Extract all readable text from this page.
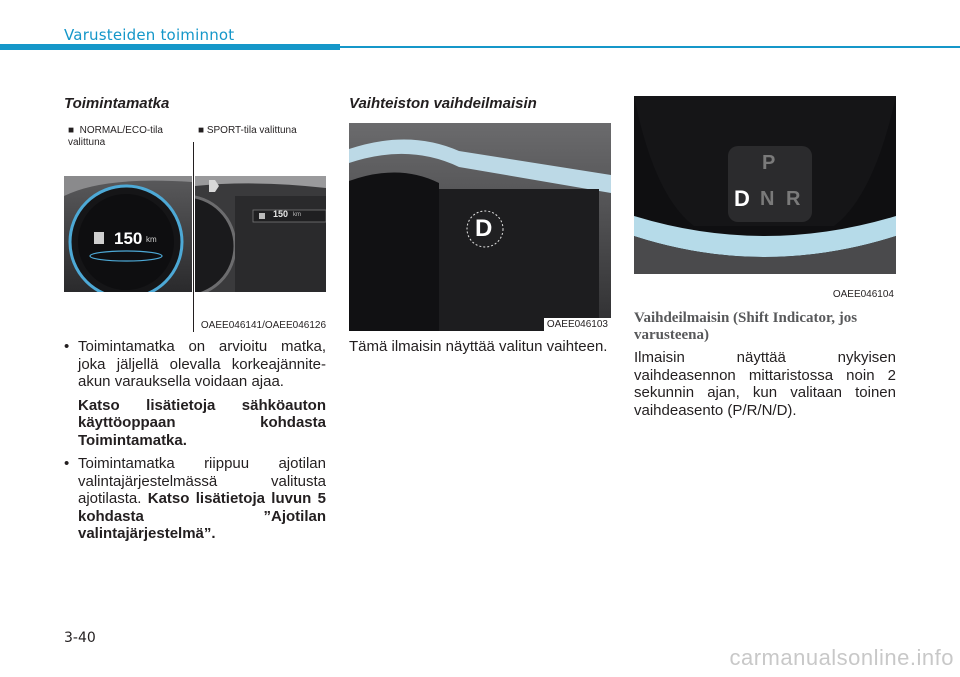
Varusteiden toiminnot
Toimintamatka
■  NORMAL/ECO-tila valittuna
■ SPORT-tila valittuna
150 km
150 km
OAEE046141/OAEE046126
• Toimintamatka on arvioitu matka, joka jäljellä olevalla korkeajänniteakun varauksella voidaan ajaa.
Katso lisätietoja sähköauton käyttöoppaan kohdasta Toimintamatka.
• Toimintamatka riippuu ajotilan valintajärjestelmässä valitusta ajotilasta. Katso lisätietoja luvun 5 kohdasta ”Ajotilan valintajärjestelmä”.
Vaihteiston vaihdeilmaisin
D
OAEE046103
Tämä ilmaisin näyttää valitun vaihteen.
P
D N R
OAEE046104
Vaihdeilmaisin (Shift Indicator, jos varusteena)
Ilmaisin näyttää nykyisen vaihdeasennon mittaristossa noin 2 sekunnin ajan, kun valitaan toinen vaihdeasento (P/R/N/D).
3-40
carmanualsonline.info
